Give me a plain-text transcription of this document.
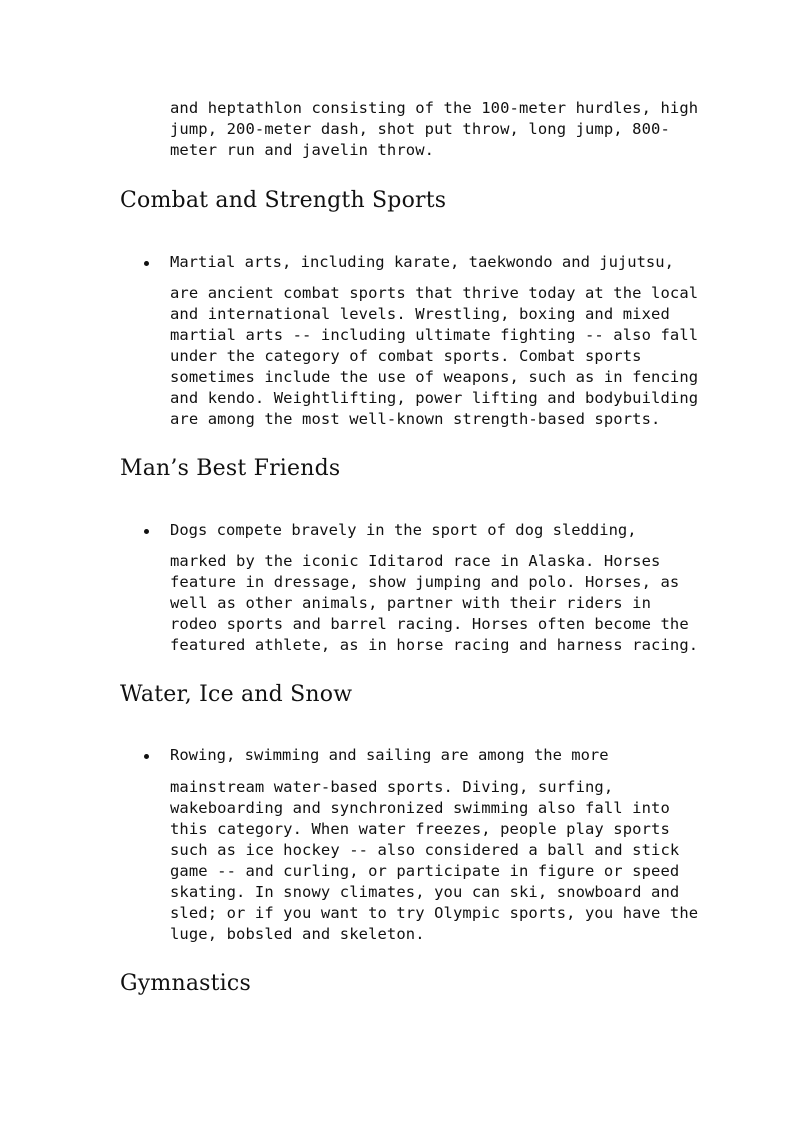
and heptathlon consisting of the 100-meter hurdles, high
jump, 200-meter dash, shot put throw, long jump, 800-
meter run and javelin throw.

Combat and Strength Sports
Martial arts, including karate, taekwondo and jujutsu,

are ancient combat sports that thrive today at the local
and international levels. Wrestling, boxing and mixed
martial arts -- including ultimate fighting -- also fall
under the category of combat sports. Combat sports
sometimes include the use of weapons, such as in fencing
and kendo. Weightlifting, power lifting and bodybuilding
are among the most well-known strength-based sports.

Man’s Best Friends
Dogs compete bravely in the sport of dog sledding,

marked by the iconic Iditarod race in Alaska. Horses
feature in dressage, show jumping and polo. Horses, as
well as other animals, partner with their riders in
rodeo sports and barrel racing. Horses often become the
featured athlete, as in horse racing and harness racing.

Water, Ice and Snow
Rowing, swimming and sailing are among the more

mainstream water-based sports. Diving, surfing,
wakeboarding and synchronized swimming also fall into
this category. When water freezes, people play sports
such as ice hockey -- also considered a ball and stick
game -- and curling, or participate in figure or speed
skating. In snowy climates, you can ski, snowboard and
sled; or if you want to try Olympic sports, you have the
luge, bobsled and skeleton.

Gymnastics
